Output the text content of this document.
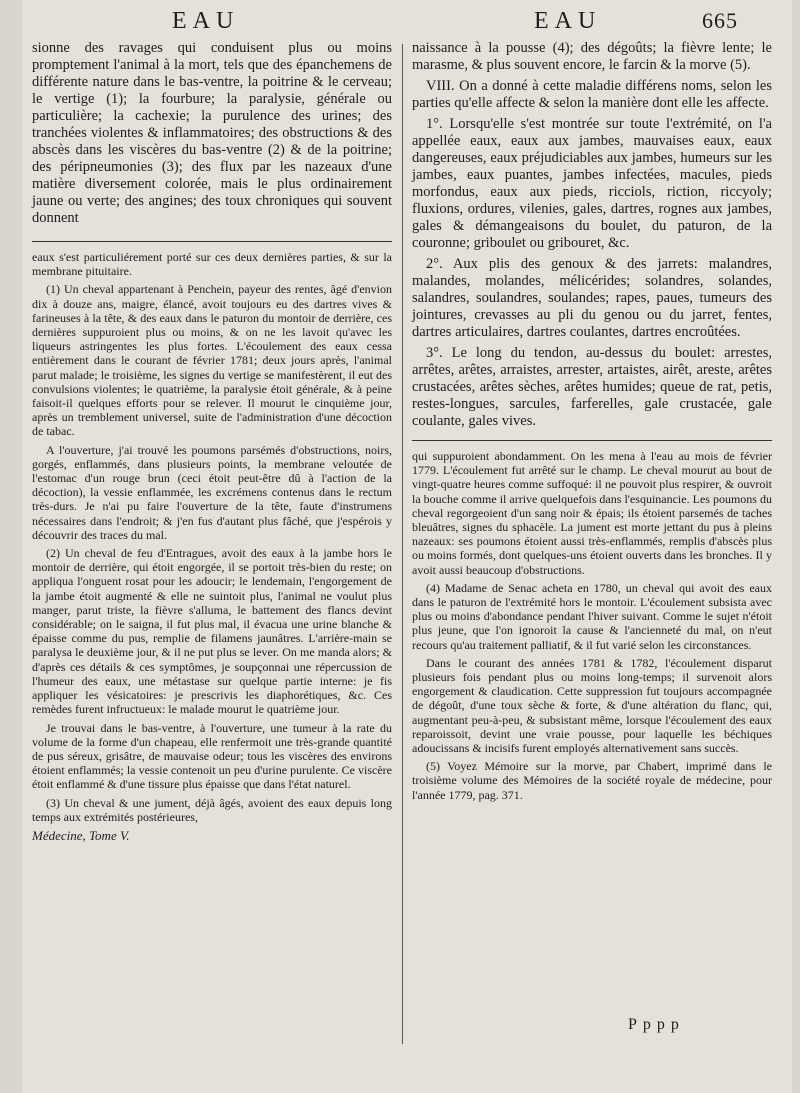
EAU	EAU	665

sionne des ravages qui conduisent plus ou moins promptement l'animal à la mort, tels que des épanchemens de différente nature dans le bas-ventre, la poitrine & le cerveau; le vertige (1); la fourbure; la paralysie, générale ou particulière; la cachexie; la purulence des urines; des tranchées violentes & inflammatoires; des obstructions & des abscès dans les viscères du bas-ventre (2) & de la poitrine; des péripneumonies (3); des flux par les nazeaux d'une matière diversement colorée, mais le plus ordinairement jaune ou verte; des angines; des toux chroniques qui souvent donnent

eaux s'est particuliérement porté sur ces deux dernières parties, & sur la membrane pituitaire.

(1) Un cheval appartenant à Penchein, payeur des rentes, âgé d'envion dix à douze ans, maigre, élancé, avoit toujours eu des dartres vives & farineuses à la tête, & des eaux dans le paturon du montoir de derrière, ces dernières suppuroient plus ou moins, & on ne les lavoit qu'avec les liqueurs astringentes les plus fortes. L'écoulement des eaux cessa entièrement dans le courant de février 1781; deux jours après, l'animal parut malade; le troisième, les signes du vertige se manifestèrent, il eut des convulsions violentes; le quatrième, la paralysie étoit générale, & à peine faisoit-il quelques efforts pour se relever. Il mourut le cinquième jour, après un tremblement universel, suite de l'administration d'une décoction de tabac.

A l'ouverture, j'ai trouvé les poumons parsémés d'obstructions, noirs, gorgés, enflammés, dans plusieurs points, la membrane veloutée de l'estomac d'un rouge brun (ceci étoit peut-être dû à l'action de la décoction), la vessie enflammée, les excrémens contenus dans le rectum très-durs. Je n'ai pu faire l'ouverture de la tête, faute d'instrumens nécessaires dans l'endroit; & j'en fus d'autant plus fâché, que j'espérois y découvrir des traces du mal.

(2) Un cheval de feu d'Entragues, avoit des eaux à la jambe hors le montoir de derrière, qui étoit engorgée, il se portoit très-bien du reste; on appliqua l'onguent rosat pour les adoucir; le lendemain, l'engorgement de la jambe étoit augmenté & elle ne suintoit plus, l'animal ne voulut plus manger, parut triste, la fièvre s'alluma, le battement des flancs devint considérable; on le saigna, il fut plus mal, il évacua une urine blanche & épaisse comme du pus, remplie de filamens jaunâtres. L'arrière-main se paralysa le deuxième jour, & il ne put plus se lever. On me manda alors; & d'après ces détails & ces symptômes, je soupçonnai une répercussion de l'humeur des eaux, une métastase sur quelque partie interne: je fis appliquer les vésicatoires: je prescrivis les diaphorétiques, &c. Ces remèdes furent infructueux: le malade mourut le quatrième jour.

Je trouvai dans le bas-ventre, à l'ouverture, une tumeur à la rate du volume de la forme d'un chapeau, elle renfermoit une très-grande quantité de pus séreux, grisâtre, de mauvaise odeur; tous les viscères des environs étoient enflammés; la vessie contenoit un peu d'urine purulente. Ce viscère étoit enflammé & d'une tissure plus épaisse que dans l'état naturel.

(3) Un cheval & une jument, déjà âgés, avoient des eaux depuis long temps aux extrémités postérieures,

Médecine, Tome V.

naissance à la pousse (4); des dégoûts; la fièvre lente; le marasme, & plus souvent encore, le farcin & la morve (5).

VIII. On a donné à cette maladie différens noms, selon les parties qu'elle affecte & selon la manière dont elle les affecte.

1°. Lorsqu'elle s'est montrée sur toute l'extrémité, on l'a appellée eaux, eaux aux jambes, mauvaises eaux, eaux dangereuses, eaux préjudiciables aux jambes, humeurs sur les jambes, eaux puantes, jambes infectées, macules, pieds morfondus, eaux aux pieds, ricciols, riction, riccyoly; fluxions, ordures, vilenies, gales, dartres, rognes aux jambes, gales & démangeaisons du boulet, du paturon, de la couronne; griboulet ou gribouret, &c.

2°. Aux plis des genoux & des jarrets: malandres, malandes, molandes, mélicérides; solandres, solandes, salandres, soulandres, soulandes; rapes, paues, tumeurs des jointures, crevasses au pli du genou ou du jarret, fentes, dartres articulaires, dartres coulantes, dartres encroûtées.

3°. Le long du tendon, au-dessus du boulet: arrestes, arrêtes, arêtes, arraistes, arrester, artaistes, airêt, areste, arêtes crustacées, arêtes sèches, arêtes humides; queue de rat, petis, restes-longues, sarcules, farferelles, gale crustacée, gale coulante, gales vives.

qui suppuroient abondamment. On les mena à l'eau au mois de février 1779. L'écoulement fut arrêté sur le champ. Le cheval mourut au bout de vingt-quatre heures comme suffoqué: il ne pouvoit plus respirer, & ouvroit la bouche comme il arrive quelquefois dans l'esquinancie. Les poumons du cheval regorgeoient d'un sang noir & épais; ils étoient parsemés de taches bleuâtres, signes du sphacèle. La jument est morte jettant du pus à pleins nazeaux: ses poumons étoient aussi très-enflammés, remplis d'abscès plus ou moins formés, dont quelques-uns étoient ouverts dans les bronches. Il y avoit aussi beaucoup d'obstructions.

(4) Madame de Senac acheta en 1780, un cheval qui avoit des eaux dans le paturon de l'extrémité hors le montoir. L'écoulement subsista avec plus ou moins d'abondance pendant l'hiver suivant. Comme le sujet n'étoit plus jeune, que l'on ignoroit la cause & l'ancienneté du mal, on n'eut recours qu'au traitement palliatif, & il fut varié selon les circonstances.

Dans le courant des années 1781 & 1782, l'écoulement disparut plusieurs fois pendant plus ou moins long-temps; il survenoit alors engorgement & claudication. Cette suppression fut toujours accompagnée de dégoût, d'une toux sèche & forte, & d'une altération du flanc, qui, augmentant peu-à-peu, & subsistant même, lorsque l'écoulement des eaux reparoissoit, devint une vraie pousse, pour laquelle les béchiques adoucissans & incisifs furent employés alternativement sans succès.

(5) Voyez Mémoire sur la morve, par Chabert, imprimé dans le troisième volume des Mémoires de la société royale de médecine, pour l'année 1779, pag. 371.

Pppp
